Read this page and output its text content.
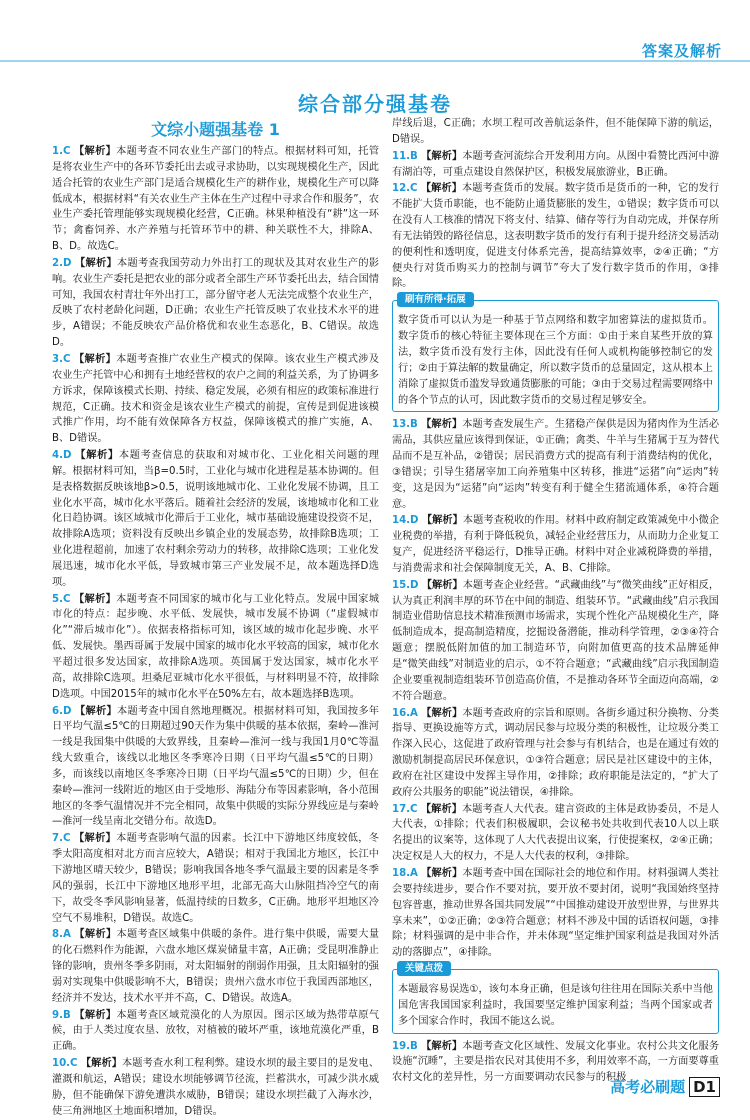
答案及解析
综合部分强基卷
文综小题强基卷 1
1.C 【解析】本题考查不同农业生产部门的特点。根据材料可知，托管是将农业生产中的各环节委托出去或寻求协助，以实现规模化生产，因此适合托管的农业生产部门是适合规模化生产的耕作业，规模化生产可以降低成本，根据材料“有关农业生产主体在生产过程中寻求合作和服务”，农业生产委托管理能够实现规模化经营，C正确。林果种植没有“耕”这一环节；禽畜饲养、水产养殖与托管环节中的耕、种关联性不大，排除A、B、D。故选C。
2.D 【解析】本题考查我国劳动力外出打工的现状及其对农业生产的影响。农业生产委托是把农业的部分或者全部生产环节委托出去，结合国情可知，我国农村青壮年外出打工，部分留守老人无法完成整个农业生产，反映了农村老龄化问题，D正确；农业生产托管反映了农业技术水平的进步，A错误；不能反映农产品价格优和农业生态恶化，B、C错误。故选D。
3.C 【解析】本题考查推广农业生产模式的保障。该农业生产模式涉及农业生产托管中心和拥有土地经营权的农户之间的利益关系，为了协调多方诉求，保障该模式长期、持续、稳定发展，必须有相应的政策标准进行规范，C正确。技术和资金是该农业生产模式的前提，宣传是到促进该模式推广作用，均不能有效保障各方权益，保障该模式的推广实施，A、B、D错误。
4.D 【解析】本题考查信息的获取和对城市化、工业化相关问题的理解。根据材料可知，当β=0.5时，工业化与城市化进程是基本协调的。但是表格数据反映该地β>0.5，说明该地城市化、工业化发展不协调，且工业化水平高，城市化水平落后。随着社会经济的发展，该地城市化和工业化日趋协调。该区域城市化滞后于工业化，城市基础设施建设投资不足，故排除A选项；资料没有反映出乡镇企业的发展态势，故排除B选项；工业化进程超前，加速了农村剩余劳动力的转移，故排除C选项；工业化发展迅速，城市化水平低，导致城市第三产业发展不足，故本题选择D选项。
5.C 【解析】本题考查不同国家的城市化与工业化特点。发展中国家城市化的特点：起步晚、水平低、发展快，城市发展不协调（“虚假城市化”“滞后城市化”）。依据表格指标可知，该区域的城市化起步晚、水平低、发展快。墨西哥属于发展中国家的城市化水平较高的国家，城市化水平超过很多发达国家，故排除A选项。英国属于发达国家，城市化水平高，故排除C选项。坦桑尼亚城市化水平很低，与材料明显不符，故排除D选项。中国2015年的城市化水平在50%左右，故本题选择B选项。
6.D 【解析】本题考查中国自然地理概况。根据材料可知，我国按多年日平均气温≤5℃的日期超过90天作为集中供暖的基本依据，秦岭—淮河一线是我国集中供暖的大致界线，且秦岭—淮河一线与我国1月0℃等温线大致重合，该线以北地区冬季寒冷日期（日平均气温≤5℃的日期）多，而该线以南地区冬季寒冷日期（日平均气温≤5℃的日期）少，但在秦岭—淮河一线附近的地区由于受地形、海陆分布等因素影响，各小范围地区的冬季气温情况并不完全相同，故集中供暖的实际分界线应是与秦岭—淮河一线呈南北交错分布。故选D。
7.C 【解析】本题考查影响气温的因素。长江中下游地区纬度较低，冬季太阳高度相对北方而言应较大，A错误；相对于我国北方地区，长江中下游地区晴天较少，B错误；影响我国各地冬季气温最主要的因素是冬季风的强弱，长江中下游地区地形平坦，北部无高大山脉阻挡冷空气的南下，故受冬季风影响显著，低温持续的日数多，C正确。地形平坦地区冷空气不易堆积，D错误。故选C。
8.A 【解析】本题考查区域集中供暖的条件。进行集中供暖，需要大量的化石燃料作为能源，六盘水地区煤炭储量丰富，A正确；受昆明准静止锋的影响，贵州冬季多阴雨，对太阳辐射的削弱作用强，且太阳辐射的强弱对实现集中供暖影响不大，B错误；贵州六盘水市位于我国西部地区，经济并不发达，技术水平并不高，C、D错误。故选A。
9.B 【解析】本题考查区域荒漠化的人为原因。图示区域为热带草原气候，由于人类过度农垦、放牧，对植被的破坏严重，该地荒漠化严重，B正确。
10.C 【解析】本题考查水利工程利弊。建设水坝的最主要目的是发电、灌溉和航运，A错误；建设水坝能够调节径流，拦蓄洪水，可减少洪水威胁，但不能确保下游免遭洪水威胁，B错误；建设水坝拦截了入海水沙，使三角洲地区土地面积增加，D错误。
岸线后退，C正确；水坝工程可改善航运条件，但不能保障下游的航运，D错误。
11.B 【解析】本题考查河流综合开发利用方向。从图中看赞比西河中游有湖泊等，可重点建设自然保护区，积极发展旅游业，B正确。
12.C 【解析】本题考查货币的发展。数字货币是货币的一种，它的发行不能扩大货币职能，也不能防止通货膨胀的发生，①错误；数字货币可以在没有人工核准的情况下将支付、结算、储存等行为自动完成，并保存所有无法销毁的路径信息，这表明数字货币的发行有利于提升经济交易活动的便利性和透明度，促进支付体系完善，提高结算效率，②④正确；“方便央行对货币购买力的控制与调节”夸大了发行数字货币的作用，③排除。
刷有所得·拓展
数字货币可以认为是一种基于节点网络和数字加密算法的虚拟货币。数字货币的核心特征主要体现在三个方面：①由于来自某些开放的算法，数字货币没有发行主体，因此没有任何人或机构能够控制它的发行；②由于算法解的数量确定，所以数字货币的总量固定，这从根本上消除了虚拟货币滥发导致通货膨胀的可能；③由于交易过程需要网络中的各个节点的认可，因此数字货币的交易过程足够安全。
13.B 【解析】本题考查发展生产。生猪稳产保供是因为猪肉作为生活必需品，其供应量应该得到保证，①正确；禽类、牛羊与生猪属于互为替代品而不是互补品，②错误；居民消费方式的提高有利于消费结构的优化，③错误；引导生猪屠宰加工向养殖集中区转移，推进“运猪”向“运肉”转变，这是因为“运猪”向“运肉”转变有利于健全生猪流通体系，④符合题意。
14.D 【解析】本题考查税收的作用。材料中政府制定政策减免中小微企业税费的举措，有利于降低税负，减轻企业经营压力，从而助力企业复工复产，促进经济平稳运行，D推导正确。材料中对企业减税降费的举措，与消费需求和社会保障制度无关，A、B、C排除。
15.D 【解析】本题考查企业经营。“武藏曲线”与“微笑曲线”正好相反，认为真正利润丰厚的环节在中间的制造、组装环节。“武藏曲线”启示我国制造业借助信息技术精准预测市场需求，实现个性化产品规模化生产，降低制造成本，提高制造精度，挖掘设备潜能，推动科学管理，②③④符合题意；摆脱低附加值的加工制造环节，向附加值更高的技术品牌延伸是“微笑曲线”对制造业的启示，①不符合题意；“武藏曲线”启示我国制造企业要重视制造组装环节创造高价值，不是推动各环节全面迈向高端，②不符合题意。
16.A 【解析】本题考查政府的宗旨和原则。各街乡通过积分换物、分类指导、更换设施等方式，调动居民参与垃圾分类的积极性，让垃圾分类工作深入民心，这促进了政府管理与社会参与有机结合，也是在通过有效的激励机制提高居民环保意识，①③符合题意；居民是社区建设中的主体，政府在社区建设中发挥主导作用，②排除；政府职能是法定的，“扩大了政府公共服务的职能”说法错误，④排除。
17.C 【解析】本题考查人大代表。建言资政的主体是政协委员，不是人大代表，①排除；代表们积极履职，会议秘书处共收到代表10人以上联名提出的议案等，这体现了人大代表提出议案，行使提案权，②④正确；决定权是人大的权力，不是人大代表的权利，③排除。
18.A 【解析】本题考查中国在国际社会的地位和作用。材料强调人类社会要持续进步，要合作不要对抗，要开放不要封闭，说明“我国始终坚持包容普惠，推动世界各国共同发展”“中国推动建设开放型世界，与世界共享未来”，①②正确；②③符合题意；材料不涉及中国的话语权问题，③排除；材料强调的是中非合作，并未体现“坚定维护国家利益是我国对外活动的落脚点”，④排除。
关键点拨
本题最容易误选①，该句本身正确，但是该句往往用在国际关系中当他国危害我国国家利益时，我国要坚定维护国家利益；当两个国家或者多个国家合作时，我国不能这么说。
19.B 【解析】本题考查文化区域性、发展文化事业。农村公共文化服务设施“沉睡”，主要是指农民对其使用不多，利用效率不高，一方面要尊重农村文化的差异性，另一方面要调动农民参与的积极
高考必刷题 D1
